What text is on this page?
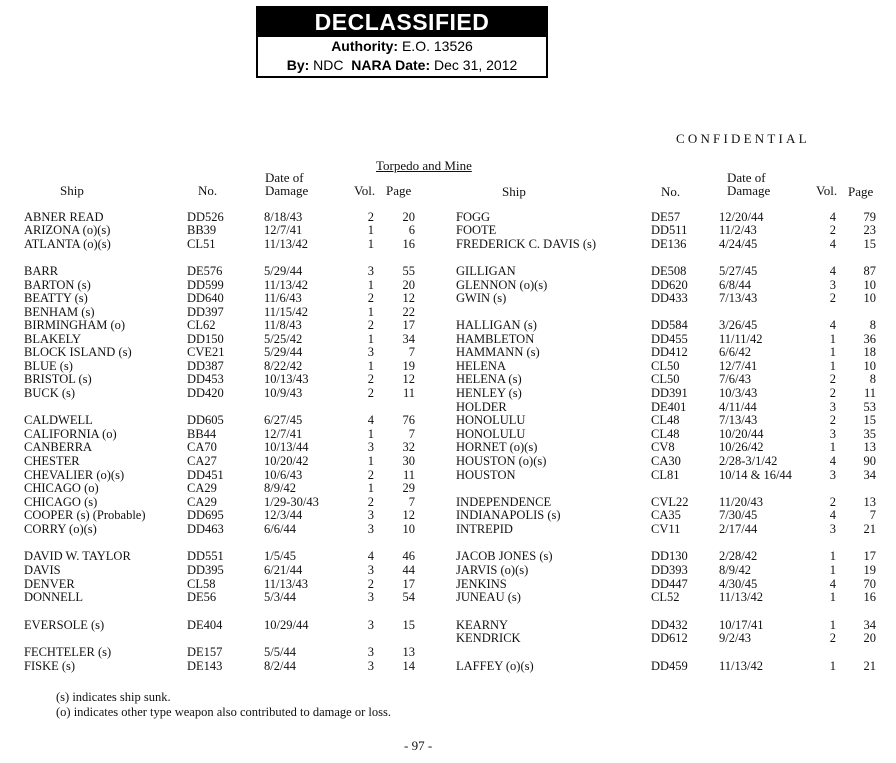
DECLASSIFIED
Authority: E.O. 13526
By: NDC NARA Date: Dec 31, 2012
CONFIDENTIAL
Torpedo and Mine
Ship	No.
Date of
Damage	Vol. Page	Ship	No.
Date of
Damage	Vol. Page
ABNER READ	DD526	8/18/43	2	20
ARIZONA (o)(s)	BB39	12/7/41	1	6
ATLANTA (o)(s)	CL51	11/13/42	1	16
BARR	DE576	5/29/44	3	55
BARTON (s)	DD599	11/13/42	1	20
BEATTY (s)	DD640	11/6/43	2	12
BENHAM (s)	DD397	11/15/42	1	22
BIRMINGHAM (o)	CL62	11/8/43	2	17
BLAKELY	DD150	5/25/42	1	34
BLOCK ISLAND (s)	CVE21	5/29/44	3	7
BLUE (s)	DD387	8/22/42	1	19
BRISTOL (s)	DD453	10/13/43	2	12
BUCK (s)	DD420	10/9/43	2	11
CALDWELL	DD605	6/27/45	4	76
CALIFORNIA (o)	BB44	12/7/41	1	7
CANBERRA	CA70	10/13/44	3	32
CHESTER	CA27	10/20/42	1	30
CHEVALIER (o)(s)	DD451	10/6/43	2	11
CHICAGO (o)	CA29	8/9/42	1	29
CHICAGO (s)	CA29	1/29-30/43	2	7
COOPER (s) (Probable)	DD695	12/3/44	3	12
CORRY (o)(s)	DD463	6/6/44	3	10
DAVID W. TAYLOR	DD551	1/5/45	4	46
DAVIS	DD395	6/21/44	3	44
DENVER	CL58	11/13/43	2	17
DONNELL	DE56	5/3/44	3	54
EVERSOLE (s)	DE404	10/29/44	3	15
FECHTELER (s)	DE157	5/5/44	3	13
FISKE (s)	DE143	8/2/44	3	14
FOGG	DE57	12/20/44	4	79
FOOTE	DD511	11/2/43	2	23
FREDERICK C. DAVIS (s)	DE136	4/24/45	4	15
GILLIGAN	DE508	5/27/45	4	87
GLENNON (o)(s)	DD620 6/8/44	3	10
GWIN (s)	DD433 7/13/43	2	10
HALLIGAN (s)	DD584 3/26/45	4	8
HAMBLETON	DD455 11/11/42	1	36
HAMMANN (s)	DD412 6/6/42	1	18
HELENA	CL50	12/7/41	1	10
HELENA (s)	CL50	7/6/43	2	8
HENLEY (s)	DD391 10/3/43	2	11
HOLDER	DE401	4/11/44	3	53
HONOLULU	CL48	7/13/43	2	15
HONOLULU	CL48	10/20/44	3	35
HORNET (o)(s)	CV8	10/26/42	1	13
HOUSTON (o)(s)	CA30	2/28-3/1/42	4	90
HOUSTON	CL81	10/14 & 16/44	3	34
INDEPENDENCE	CVL22 11/20/43	2	13
INDIANAPOLIS (s)	CA35	7/30/45	4	7
INTREPID	CV11	2/17/44	3	21
JACOB JONES (s)	DD130 2/28/42	1	17
JARVIS (o)(s)	DD393 8/9/42	1	19
JENKINS	DD447 4/30/45	4	70
JUNEAU (s)	CL52	11/13/42	1	16
KEARNY	DD432 10/17/41	1	34
KENDRICK	DD612 9/2/43	2	20
LAFFEY (o)(s)	DD459 11/13/42	1	21
(s) indicates ship sunk.
(o) indicates other type weapon also contributed to damage or loss.
- 97 -
